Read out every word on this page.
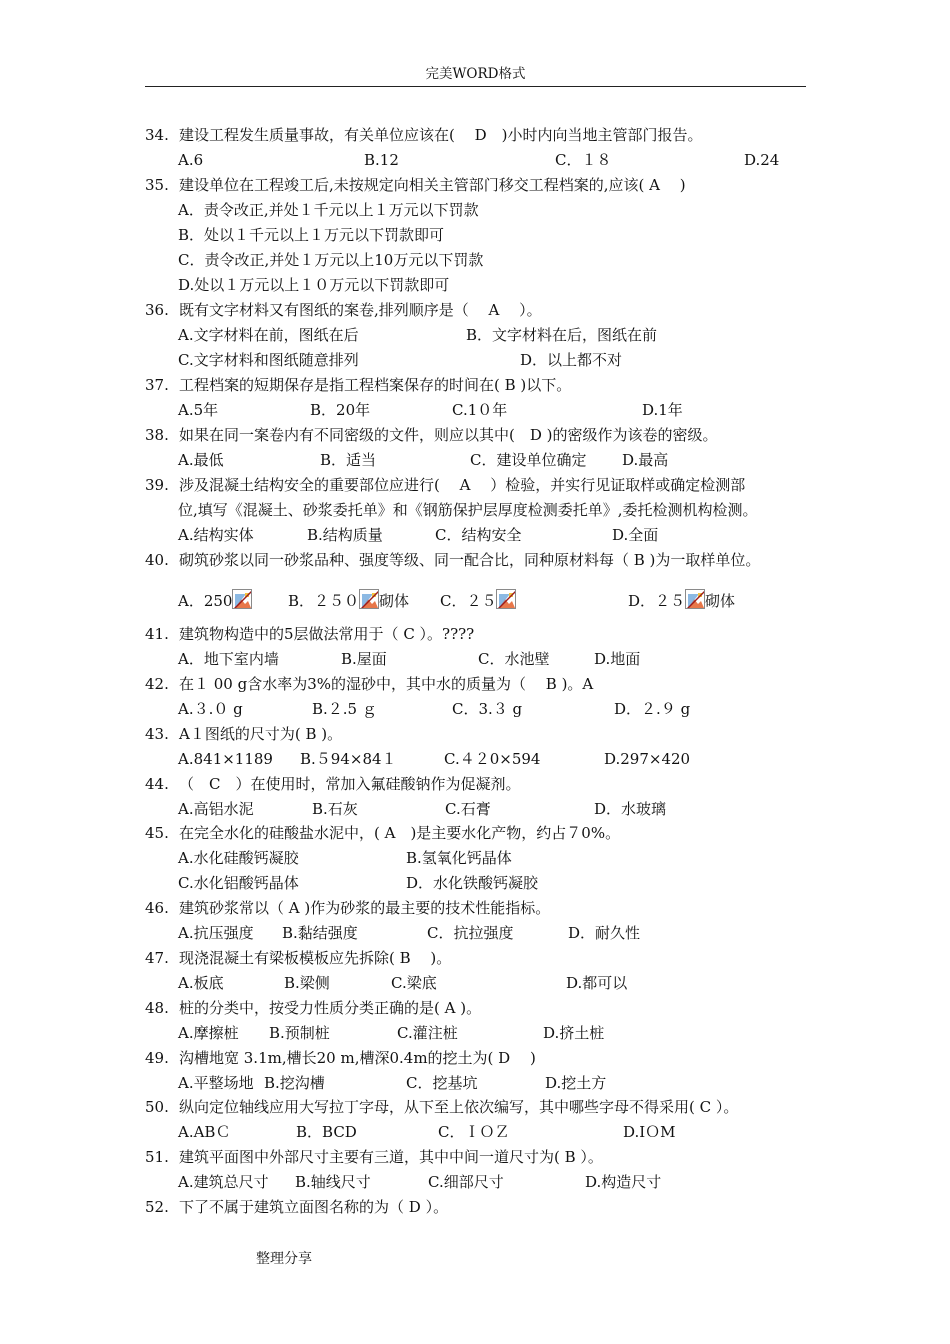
完美WORD格式
34. 建设工程发生质量事故，有关单位应该在(　 D　)小时内向当地主管部门报告。
A.6	B.12	C．１８	D.24
35. 建设单位在工程竣工后,未按规定向相关主管部门移交工程档案的,应该( A　 )
A．责令改正,并处１千元以上１万元以下罚款
B．处以１千元以上１万元以下罚款即可
C．责令改正,并处１万元以上10万元以下罚款
D.处以１万元以上１０万元以下罚款即可
36. 既有文字材料又有图纸的案卷,排列顺序是（　 A　 ）。
A.文字材料在前，图纸在后	B．文字材料在后，图纸在前
C.文字材料和图纸随意排列	D．以上都不对
37. 工程档案的短期保存是指工程档案保存的时间在( B )以下。
A.5年	B．20年	C.1０年	D.1年
38. 如果在同一案卷内有不同密级的文件，则应以其中(　D )的密级作为该卷的密级。
A.最低	B．适当	C．建设单位确定 D.最高
39. 涉及混凝土结构安全的重要部位应进行(　 A　 ）检验，并实行见证取样或确定检测部
位,填写《混凝土、砂浆委托单》和《钢筋保护层厚度检测委托单》,委托检测机构检测。
A.结构实体	B.结构质量	C．结构安全	D.全面
40. 砌筑砂浆以同一砂浆品种、强度等级、同一配合比，同种原材料每（ B )为一取样单位。
A．250	B．２５０ 砌体 C．２５	D．２５ 砌体
41. 建筑物构造中的5层做法常用于（ C ）。????
A．地下室内墙	B.屋面	C．水池壁	D.地面
42. 在１ 00 g含水率为3%的湿砂中，其中水的质量为（　 B )。A
A.３.０ g	B.２.5 ｇ	C．3.３ g	D．２.９ g
43. A１图纸的尺寸为( B )。
A.841×1189 B.５94×84１	C.４２0×594	D.297×420
44. （　C　）在使用时，常加入氟硅酸钠作为促凝剂。
A.高铝水泥	B.石灰	C.石膏	D．水玻璃
45. 在完全水化的硅酸盐水泥中，( A　)是主要水化产物，约占７0%。
A.水化硅酸钙凝胶	B.氢氧化钙晶体
C.水化铝酸钙晶体	D．水化铁酸钙凝胶
46. 建筑砂浆常以（ A )作为砂浆的最主要的技术性能指标。
A.抗压强度 B.黏结强度	C．抗拉强度	D．耐久性
47. 现浇混凝土有梁板模板应先拆除( B　 )。
A.板底	B.梁侧	C.梁底	D.都可以
48. 桩的分类中，按受力性质分类正确的是( A )。
A.摩擦桩 B.预制桩	C.灌注桩	D.挤土桩
49. 沟槽地宽 3.1m,槽长20 m,槽深0.4m的挖土为( D　 )
A.平整场地 B.挖沟槽	C．挖基坑	D.挖土方
50. 纵向定位轴线应用大写拉丁字母，从下至上依次编写，其中哪些字母不得采用( C ）。
A.ABＣ	B．BCD	C．ＩＯＺ	D.IＯM
51. 建筑平面图中外部尺寸主要有三道，其中中间一道尺寸为( B ）。
A.建筑总尺寸 B.轴线尺寸	C.细部尺寸	D.构造尺寸
52. 下了不属于建筑立面图名称的为（ D ）。
整理分享
